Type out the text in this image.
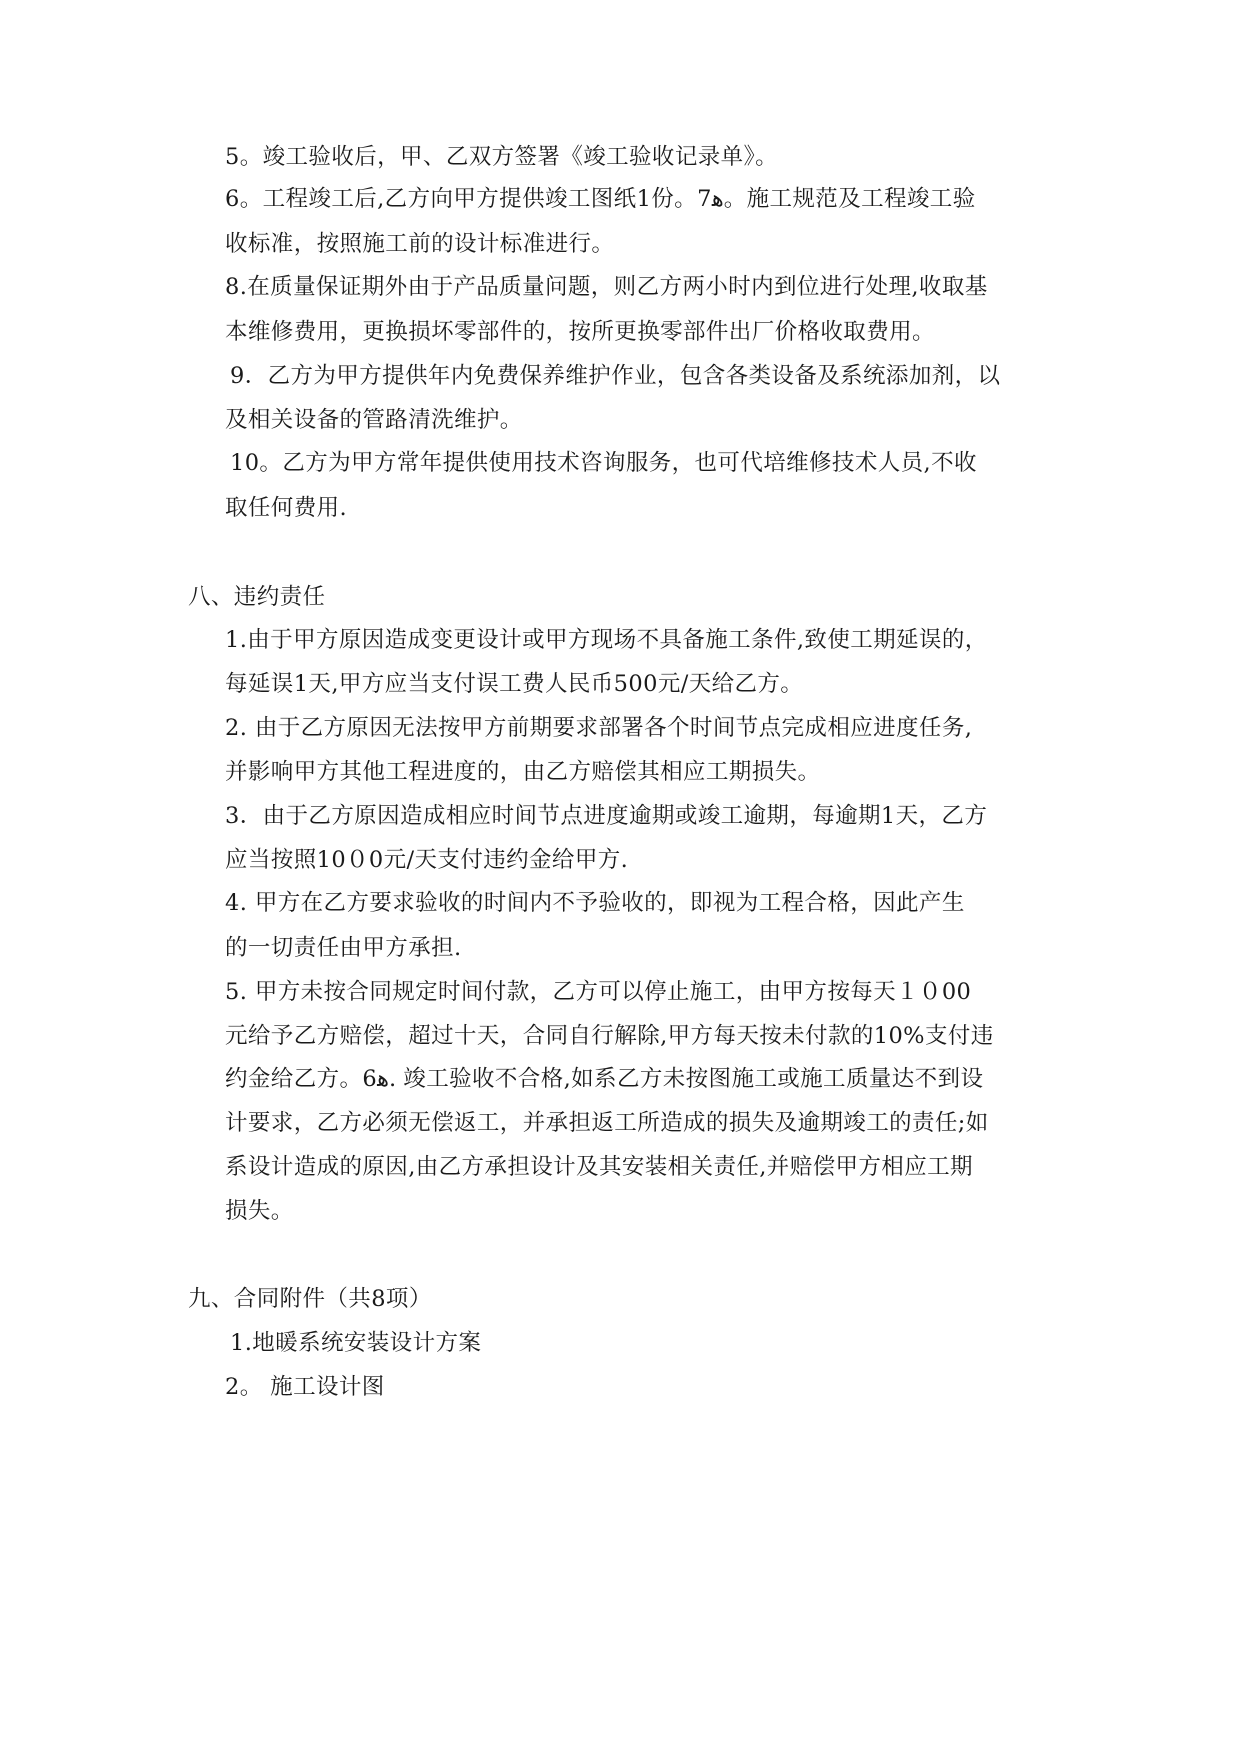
5。竣工验收后，甲、乙双方签署《竣工验收记录单》。
6。工程竣工后,乙方向甲方提供竣工图纸1份。7ﻫ。施工规范及工程竣工验
收标准，按照施工前的设计标准进行。
8.在质量保证期外由于产品质量问题，则乙方两小时内到位进行处理,收取基
本维修费用，更换损坏零部件的，按所更换零部件出厂价格收取费用。
9．乙方为甲方提供年内免费保养维护作业，包含各类设备及系统添加剂，以
及相关设备的管路清洗维护。
10。乙方为甲方常年提供使用技术咨询服务，也可代培维修技术人员,不收
取任何费用.
八、违约责任
1.由于甲方原因造成变更设计或甲方现场不具备施工条件,致使工期延误的，
每延误1天,甲方应当支付误工费人民币500元/天给乙方。
2. 由于乙方原因无法按甲方前期要求部署各个时间节点完成相应进度任务,
并影响甲方其他工程进度的，由乙方赔偿其相应工期损失。
3．由于乙方原因造成相应时间节点进度逾期或竣工逾期，每逾期1天，乙方
应当按照10０0元/天支付违约金给甲方.
4. 甲方在乙方要求验收的时间内不予验收的，即视为工程合格，因此产生
的一切责任由甲方承担.
5. 甲方未按合同规定时间付款，乙方可以停止施工，由甲方按每天１０00
元给予乙方赔偿，超过十天，合同自行解除,甲方每天按未付款的10%支付违
约金给乙方。6ﻫ. 竣工验收不合格,如系乙方未按图施工或施工质量达不到设
计要求，乙方必须无偿返工，并承担返工所造成的损失及逾期竣工的责任;如
系设计造成的原因,由乙方承担设计及其安装相关责任,并赔偿甲方相应工期
损失。
九、合同附件（共8项）
1.地暖系统安装设计方案
2。 施工设计图
